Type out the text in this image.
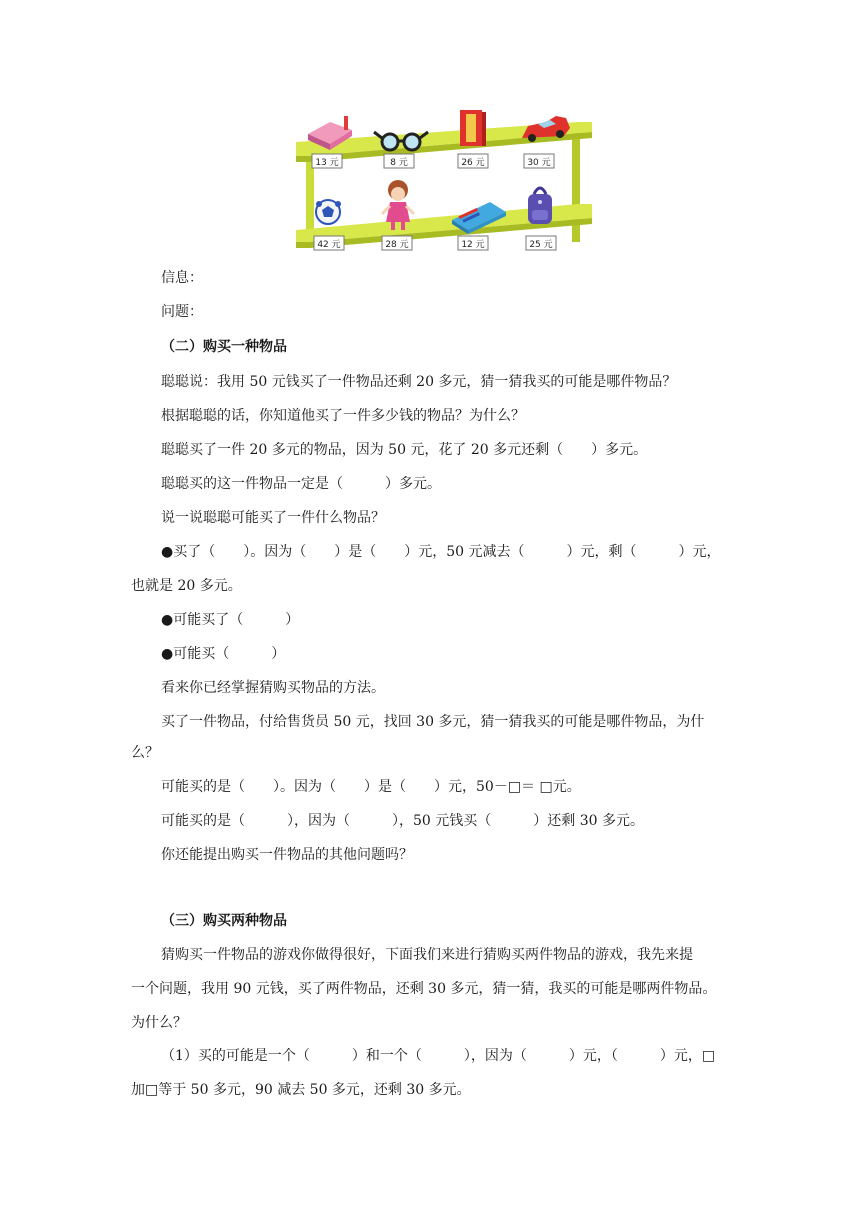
13 元	8 元	26 元	30 元
42 元	28 元	12 元	25 元
信息：
问题：
（二）购买一种物品
聪聪说：我用 50 元钱买了一件物品还剩 20 多元，猜一猜我买的可能是哪件物品？
根据聪聪的话，你知道他买了一件多少钱的物品？为什么？
聪聪买了一件 20 多元的物品，因为 50 元，花了 20 多元还剩（　　）多元。
聪聪买的这一件物品一定是（　　　）多元。
说一说聪聪可能买了一件什么物品？
●买了（　　）。因为（　　）是（　　）元，50 元减去（　　　）元，剩（　　　）元，
也就是 20 多元。
●可能买了（　　　）
●可能买（　　　）
看来你已经掌握猜购买物品的方法。
买了一件物品，付给售货员 50 元，找回 30 多元，猜一猜我买的可能是哪件物品，为什
么？
可能买的是（　　）。因为（　　）是（　　）元，50－□＝ □元。
可能买的是（　　　），因为（　　　），50 元钱买（　　　）还剩 30 多元。
你还能提出购买一件物品的其他问题吗？
（三）购买两种物品
猜购买一件物品的游戏你做得很好，下面我们来进行猜购买两件物品的游戏，我先来提
一个问题，我用 90 元钱，买了两件物品，还剩 30 多元，猜一猜，我买的可能是哪两件物品。
为什么？
（1）买的可能是一个（　　　）和一个（　　　），因为（　　　）元，（　　　）元，□
加□等于 50 多元，90 减去 50 多元，还剩 30 多元。
